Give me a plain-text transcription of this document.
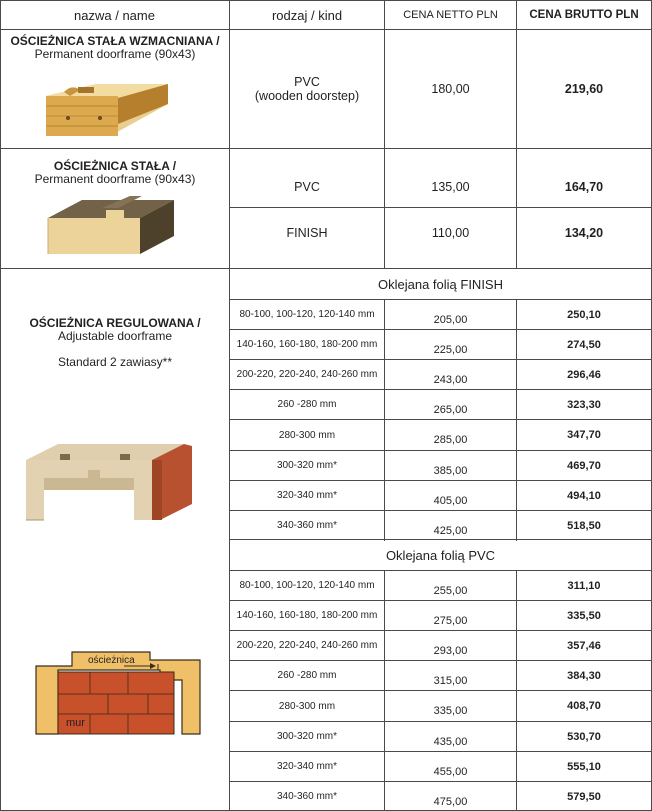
nazwa / name	rodzaj / kind	CENA NETTO PLN	CENA BRUTTO PLN
OŚCIEŻNICA STAŁA WZMACNIANA /
Permanent doorframe (90x43)
PVC
(wooden doorstep)	180,00	219,60
OŚCIEŻNICA STAŁA /
Permanent doorframe (90x43)
PVC	135,00	164,70
FINISH	110,00	134,20
OŚCIEŻNICA REGULOWANA /
Adjustable doorframe

Standard 2 zawiasy**
ościeżnica
mur
Oklejana folią FINISH
80-100, 100-120, 120-140 mm	205,00	250,10
140-160, 160-180, 180-200 mm	225,00	274,50
200-220, 220-240, 240-260 mm	243,00	296,46
260 -280 mm	265,00	323,30
280-300 mm	285,00	347,70
300-320 mm*	385,00	469,70
320-340 mm*	405,00	494,10
340-360 mm*	425,00	518,50
Oklejana folią PVC
80-100, 100-120, 120-140 mm	255,00	311,10
140-160, 160-180, 180-200 mm	275,00	335,50
200-220, 220-240, 240-260 mm	293,00	357,46
260 -280 mm	315,00	384,30
280-300 mm	335,00	408,70
300-320 mm*	435,00	530,70
320-340 mm*	455,00	555,10
340-360 mm*	475,00	579,50
